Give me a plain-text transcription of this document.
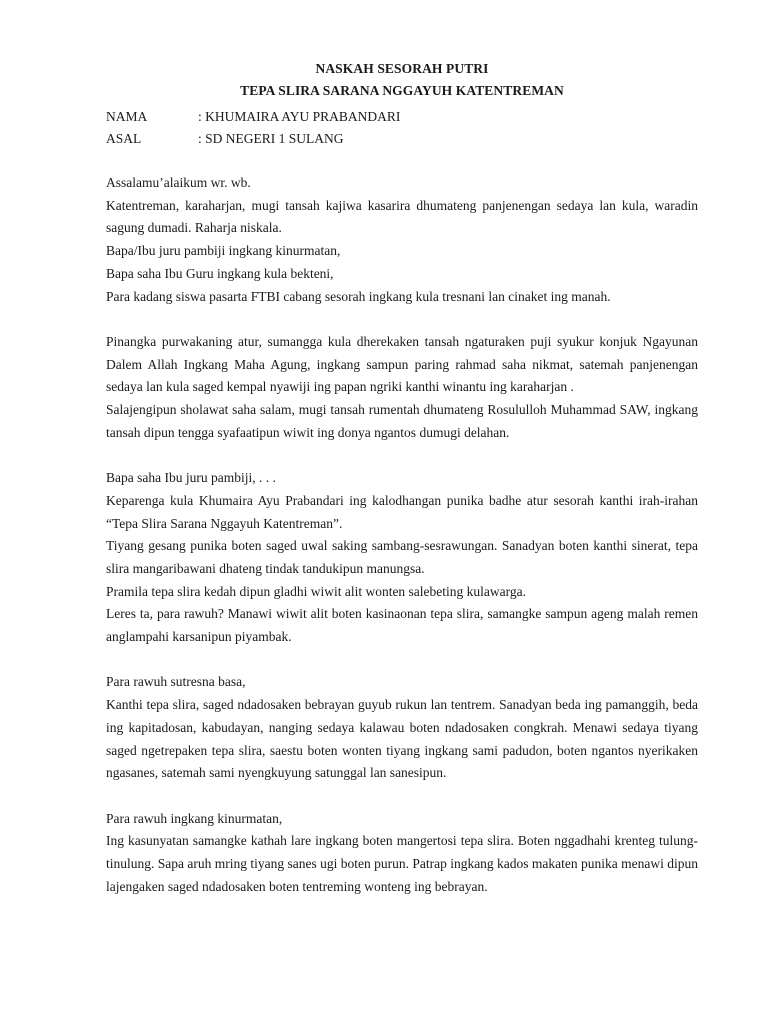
NASKAH SESORAH PUTRI

TEPA SLIRA SARANA NGGAYUH KATENTREMAN

NAMA	: KHUMAIRA AYU PRABANDARI
ASAL	: SD NEGERI 1 SULANG

Assalamu’alaikum wr. wb.

Katentreman, karaharjan, mugi tansah kajiwa kasarira dhumateng panjenengan sedaya lan kula, waradin sagung dumadi. Raharja niskala.

Bapa/Ibu juru pambiji ingkang kinurmatan,

Bapa saha Ibu Guru ingkang kula bekteni,

Para kadang siswa pasarta FTBI cabang sesorah ingkang kula tresnani lan cinaket ing manah.

Pinangka purwakaning atur, sumangga kula dherekaken tansah ngaturaken puji syukur konjuk Ngayunan Dalem Allah Ingkang Maha Agung, ingkang sampun paring rahmad saha nikmat, satemah panjenengan sedaya lan kula saged kempal nyawiji ing papan ngriki kanthi winantu ing karaharjan .

Salajengipun sholawat saha salam, mugi tansah rumentah dhumateng Rosululloh Muhammad SAW, ingkang tansah dipun tengga syafaatipun wiwit ing donya ngantos dumugi delahan.

Bapa saha Ibu juru pambiji, . . .

Keparenga kula Khumaira Ayu Prabandari ing kalodhangan punika badhe atur sesorah kanthi irah-irahan “Tepa Slira Sarana Nggayuh Katentreman”.

Tiyang gesang punika boten saged uwal saking sambang-sesrawungan. Sanadyan boten kanthi sinerat, tepa slira mangaribawani dhateng tindak tandukipun manungsa.

Pramila tepa slira kedah dipun gladhi wiwit alit wonten salebeting kulawarga.

Leres ta, para rawuh? Manawi wiwit alit boten kasinaonan tepa slira, samangke sampun ageng malah remen anglampahi karsanipun piyambak.

Para rawuh sutresna basa,

Kanthi tepa slira, saged ndadosaken bebrayan guyub rukun lan tentrem. Sanadyan beda ing pamanggih, beda ing kapitadosan, kabudayan, nanging sedaya kalawau boten ndadosaken congkrah. Menawi sedaya tiyang saged ngetrepaken tepa slira, saestu boten wonten tiyang ingkang sami padudon, boten ngantos nyerikaken ngasanes, satemah sami nyengkuyung satunggal lan sanesipun.

Para rawuh ingkang kinurmatan,

Ing kasunyatan samangke kathah lare ingkang boten mangertosi tepa slira. Boten nggadhahi krenteg tulung-tinulung. Sapa aruh mring tiyang sanes ugi boten purun. Patrap ingkang kados makaten punika menawi dipun lajengaken saged ndadosaken boten tentreming wonteng ing bebrayan.
